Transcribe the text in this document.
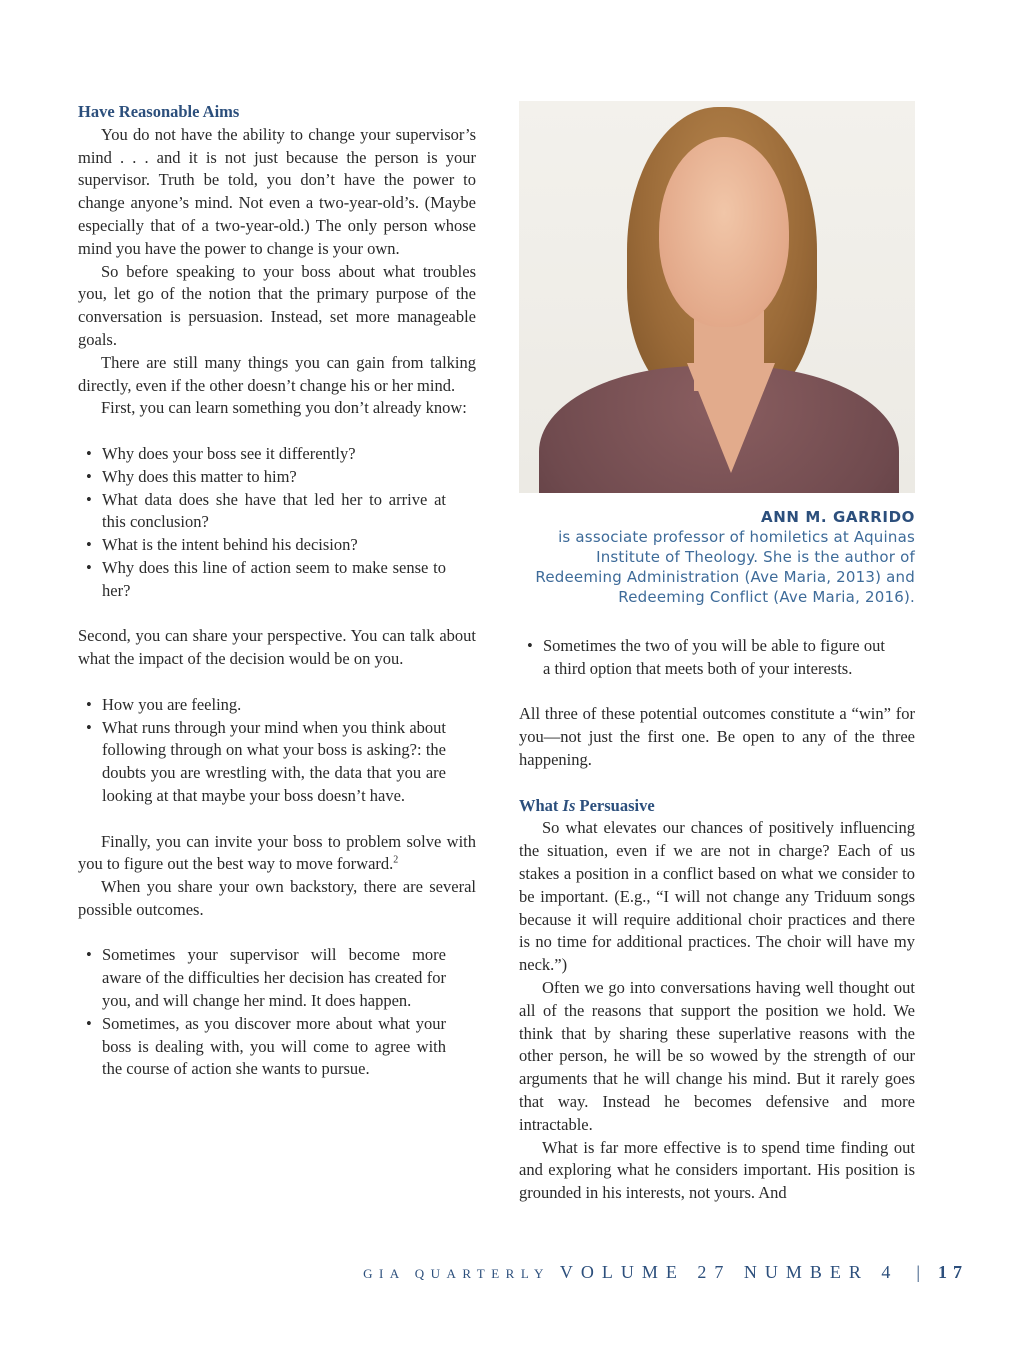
Have Reasonable Aims

You do not have the ability to change your supervisor’s mind . . . and it is not just because the person is your supervisor. Truth be told, you don’t have the power to change anyone’s mind. Not even a two-year-old’s. (Maybe especially that of a two-year-old.) The only person whose mind you have the power to change is your own.

So before speaking to your boss about what troubles you, let go of the notion that the primary purpose of the conversation is persuasion. Instead, set more manageable goals.

There are still many things you can gain from talking directly, even if the other doesn’t change his or her mind.

First, you can learn something you don’t already know:

• Why does your boss see it differently?
• Why does this matter to him?
• What data does she have that led her to arrive at this conclusion?
• What is the intent behind his decision?
• Why does this line of action seem to make sense to her?

Second, you can share your perspective. You can talk about what the impact of the decision would be on you.

• How you are feeling.
• What runs through your mind when you think about following through on what your boss is asking?: the doubts you are wrestling with, the data that you are looking at that maybe your boss doesn’t have.

Finally, you can invite your boss to problem solve with you to figure out the best way to move forward.$^2$

When you share your own backstory, there are several possible outcomes.

• Sometimes your supervisor will become more aware of the difficulties her decision has created for you, and will change her mind. It does happen.
• Sometimes, as you discover more about what your boss is dealing with, you will come to agree with the course of action she wants to pursue.
ANN M. GARRIDO
is associate professor of homiletics at Aquinas Institute of Theology. She is the author of Redeeming Administration (Ave Maria, 2013) and Redeeming Conflict (Ave Maria, 2016).
• Sometimes the two of you will be able to figure out a third option that meets both of your interests.

All three of these potential outcomes constitute a “win” for you—not just the first one. Be open to any of the three happening.

What Is Persuasive

So what elevates our chances of positively influencing the situation, even if we are not in charge? Each of us stakes a position in a conflict based on what we consider to be important. (E.g., “I will not change any Triduum songs because it will require additional choir practices and there is no time for additional practices. The choir will have my neck.”)

Often we go into conversations having well thought out all of the reasons that support the position we hold. We think that by sharing these superlative reasons with the other person, he will be so wowed by the strength of our arguments that he will change his mind. But it rarely goes that way. Instead he becomes defensive and more intractable.

What is far more effective is to spend time finding out and exploring what he considers important. His position is grounded in his interests, not yours. And

GIA QUARTERLY VOLUME 27 NUMBER 4 | 17
